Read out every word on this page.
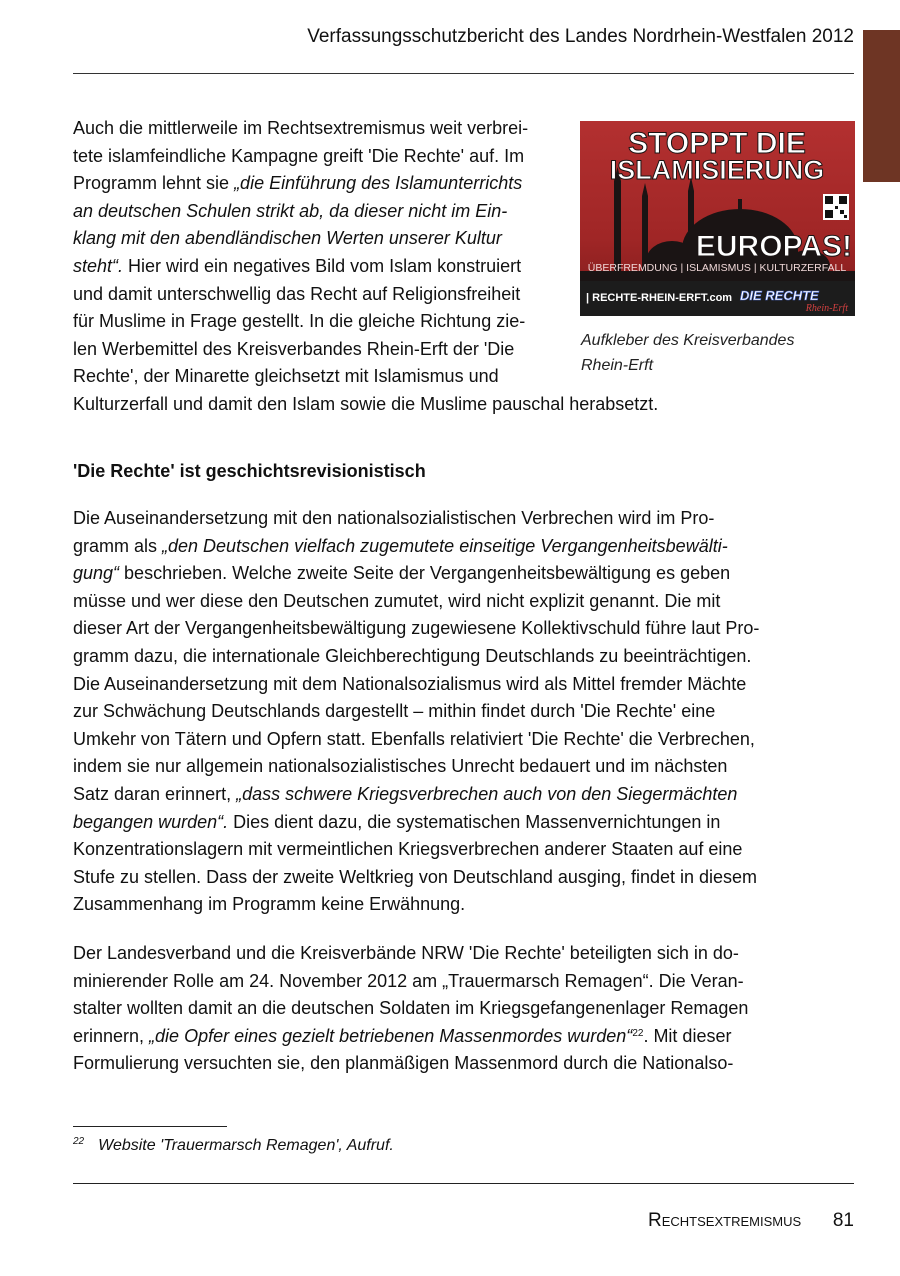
Verfassungsschutzbericht des Landes Nordrhein-Westfalen 2012
Auch die mittlerweile im Rechtsextremismus weit verbrei-
tete islamfeindliche Kampagne greift 'Die Rechte' auf. Im
Programm lehnt sie „die Einführung des Islamunterrichts
an deutschen Schulen strikt ab, da dieser nicht im Ein-
klang mit den abendländischen Werten unserer Kultur
steht“. Hier wird ein negatives Bild vom Islam konstruiert
und damit unterschwellig das Recht auf Religionsfreiheit
für Muslime in Frage gestellt. In die gleiche Richtung zie-
len Werbemittel des Kreisverbandes Rhein-Erft der 'Die
Rechte', der Minarette gleichsetzt mit Islamismus und
Kulturzerfall und damit den Islam sowie die Muslime pauschal herabsetzt.
STOPPT DIE
ISLAMISIERUNG
EUROPAS!
ÜBERFREMDUNG | ISLAMISMUS | KULTURZERFALL
| RECHTE-RHEIN-ERFT.com DIE RECHTE
Rhein-Erft
Aufkleber des Kreisverbandes
Rhein-Erft
'Die Rechte' ist geschichtsrevisionistisch
Die Auseinandersetzung mit den nationalsozialistischen Verbrechen wird im Pro-
gramm als „den Deutschen vielfach zugemutete einseitige Vergangenheitsbewälti-
gung“ beschrieben. Welche zweite Seite der Vergangenheitsbewältigung es geben
müsse und wer diese den Deutschen zumutet, wird nicht explizit genannt. Die mit
dieser Art der Vergangenheitsbewältigung zugewiesene Kollektivschuld führe laut Pro-
gramm dazu, die internationale Gleichberechtigung Deutschlands zu beeinträchtigen.
Die Auseinandersetzung mit dem Nationalsozialismus wird als Mittel fremder Mächte
zur Schwächung Deutschlands dargestellt – mithin findet durch 'Die Rechte' eine
Umkehr von Tätern und Opfern statt. Ebenfalls relativiert 'Die Rechte' die Verbrechen,
indem sie nur allgemein nationalsozialistisches Unrecht bedauert und im nächsten
Satz daran erinnert, „dass schwere Kriegsverbrechen auch von den Siegermächten
begangen wurden“. Dies dient dazu, die systematischen Massenvernichtungen in
Konzentrationslagern mit vermeintlichen Kriegsverbrechen anderer Staaten auf eine
Stufe zu stellen. Dass der zweite Weltkrieg von Deutschland ausging, findet in diesem
Zusammenhang im Programm keine Erwähnung.
Der Landesverband und die Kreisverbände NRW 'Die Rechte' beteiligten sich in do-
minierender Rolle am 24. November 2012 am „Trauermarsch Remagen“. Die Veran-
stalter wollten damit an die deutschen Soldaten im Kriegsgefangenenlager Remagen
erinnern, „die Opfer eines gezielt betriebenen Massenmordes wurden“$^{22}$. Mit dieser
Formulierung versuchten sie, den planmäßigen Massenmord durch die Nationalso-

$^{22}$ Website 'Trauermarsch Remagen', Aufruf.

Rechtsextremismus 81
